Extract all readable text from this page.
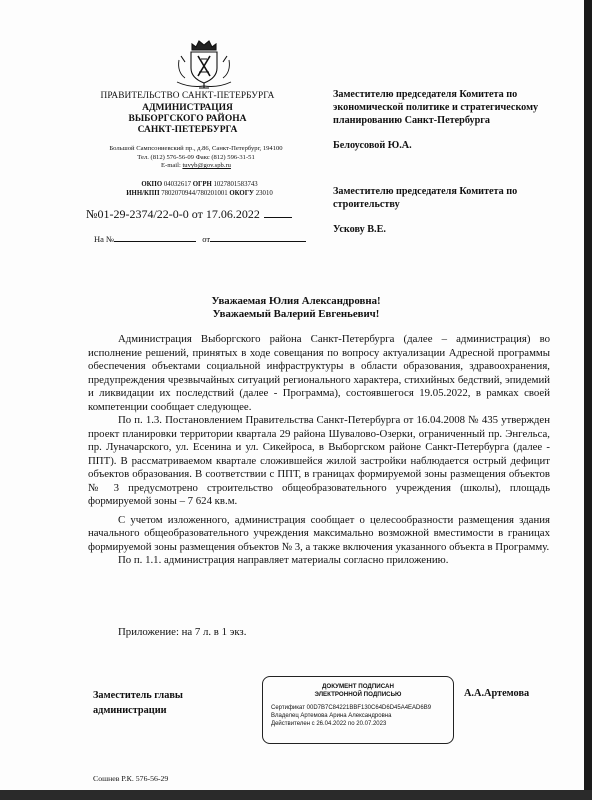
ПРАВИТЕЛЬСТВО САНКТ-ПЕТЕРБУРГА
АДМИНИСТРАЦИЯ
ВЫБОРГСКОГО РАЙОНА
САНКТ-ПЕТЕРБУРГА
Большой Сампсониевский пр., д.86, Санкт-Петербург, 194100
Тел. (812) 576-56-09 Факс (812) 596-31-51
E-mail: tuvyb@gov.spb.ru
ОКПО 04032617 ОГРН 1027801583743
ИНН/КПП 7802070944/780201001 ОКОГУ 23010
№01-29-2374/22-0-0 от 17.06.2022
На №	от
Заместителю председателя Комитета по экономической политике и стратегическому планированию Санкт-Петербурга
Белоусовой Ю.А.
Заместителю председателя Комитета по строительству
Ускову В.Е.
Уважаемая Юлия Александровна!
Уважаемый Валерий Евгеньевич!

Администрация Выборгского района Санкт-Петербурга (далее – администрация) во исполнение решений, принятых в ходе совещания по вопросу актуализации Адресной программы обеспечения объектами социальной инфраструктуры в области образования, здравоохранения, предупреждения чрезвычайных ситуаций регионального характера, стихийных бедствий, эпидемий и ликвидации их последствий (далее - Программа), состоявшегося 19.05.2022, в рамках своей компетенции сообщает следующее.

По п. 1.3. Постановлением Правительства Санкт-Петербурга от 16.04.2008 № 435 утвержден проект планировки территории квартала 29 района Шувалово-Озерки, ограниченный пр. Энгельса, пр. Луначарского, ул. Есенина и ул. Сикейроса, в Выборгском районе Санкт-Петербурга (далее - ППТ). В рассматриваемом квартале сложившейся жилой застройки наблюдается острый дефицит объектов образования. В соответствии с ППТ, в границах формируемой зоны размещения объектов № 3 предусмотрено строительство общеобразовательного учреждения (школы), площадь формируемой зоны – 7 624 кв.м.

С учетом изложенного, администрация сообщает о целесообразности размещения здания начального общеобразовательного учреждения максимально возможной вместимости в границах формируемой зоны размещения объектов № 3, а также включения указанного объекта в Программу.

По п. 1.1. администрация направляет материалы согласно приложению.

Приложение: на 7 л. в 1 экз.
Заместитель главы
администрации
ДОКУМЕНТ ПОДПИСАН
ЭЛЕКТРОННОЙ ПОДПИСЬЮ
Сертификат 00D7B7C84221BBF130C64D6D45A4EAD6B9
Владелец Артемова Арина Александровна
Действителен с 26.04.2022 по 20.07.2023
А.А.Артемова
Сошнев Р.К. 576-56-29
